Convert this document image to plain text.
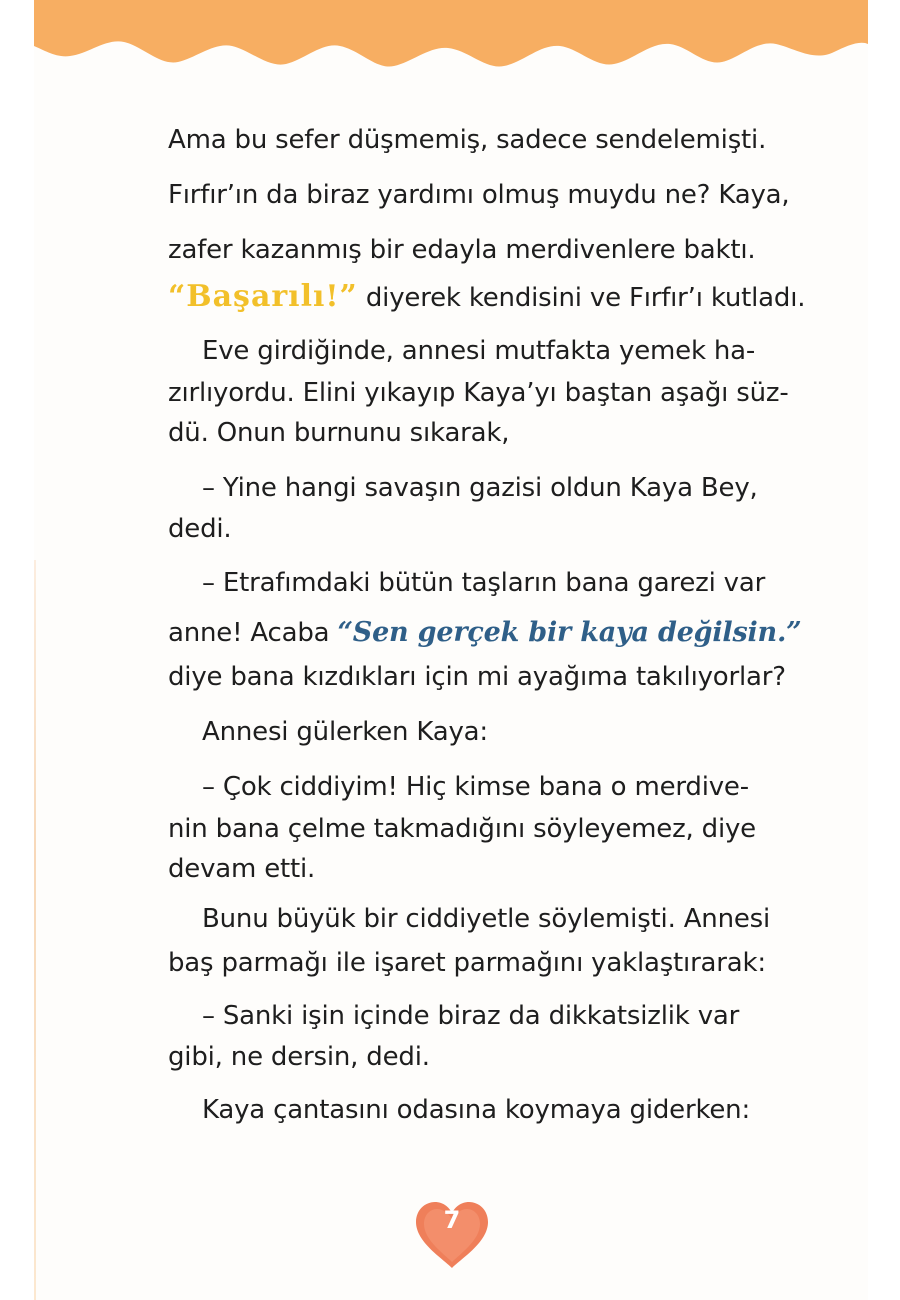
Ama bu sefer düşmemiş, sadece sendelemişti.
Fırfır’ın da biraz yardımı olmuş muydu ne? Kaya,
zafer kazanmış bir edayla merdivenlere baktı.
“Başarılı!” diyerek kendisini ve Fırfır’ı kutladı.
Eve girdiğinde, annesi mutfakta yemek ha-
zırlıyordu. Elini yıkayıp Kaya’yı baştan aşağı süz-
dü. Onun burnunu sıkarak,
– Yine hangi savaşın gazisi oldun Kaya Bey,
dedi.
– Etrafımdaki bütün taşların bana garezi var
anne! Acaba “Sen gerçek bir kaya değilsin.”
diye bana kızdıkları için mi ayağıma takılıyorlar?
Annesi gülerken Kaya:
– Çok ciddiyim! Hiç kimse bana o merdive-
nin bana çelme takmadığını söyleyemez, diye
devam etti.
Bunu büyük bir ciddiyetle söylemişti. Annesi
baş parmağı ile işaret parmağını yaklaştırarak:
– Sanki işin içinde biraz da dikkatsizlik var
gibi, ne dersin, dedi.
Kaya çantasını odasına koymaya giderken:
7
